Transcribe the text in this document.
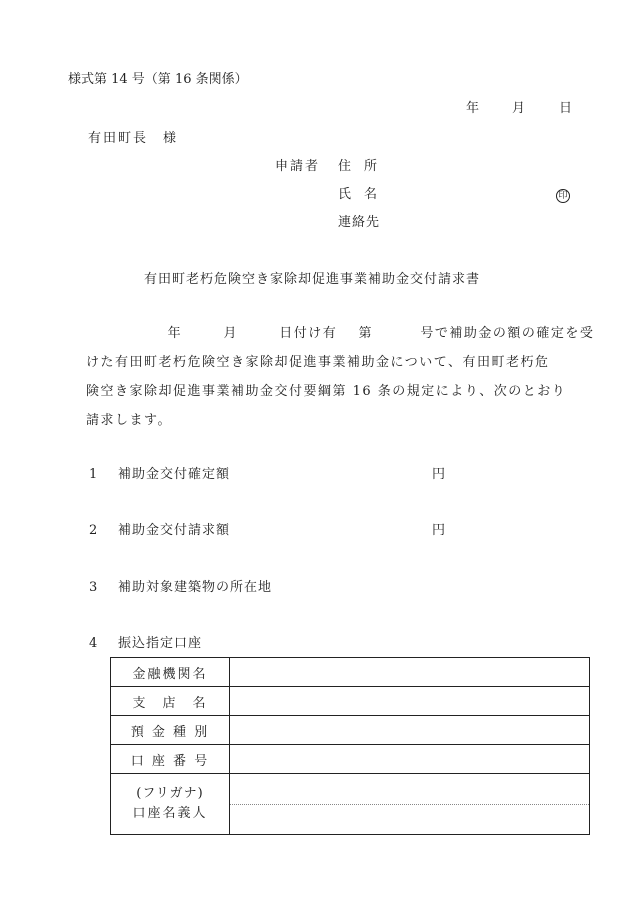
様式第 14 号（第 16 条関係）
年	月	日
有田町長　様
申請者 住　所
氏　名	印
連絡先
有田町老朽危険空き家除却促進事業補助金交付請求書
年	月	日付け有 第	号で補助金の額の確定を受
けた有田町老朽危険空き家除却促進事業補助金について、有田町老朽危
険空き家除却促進事業補助金交付要綱第 16 条の規定により、次のとおり
請求します。
1 補助金交付確定額	円
2 補助金交付請求額	円
3 補助対象建築物の所在地
4 振込指定口座
金融機関名	
支　店　名	
預 金 種 別	
口 座 番 号	

(フリガナ)
口座名義人	
